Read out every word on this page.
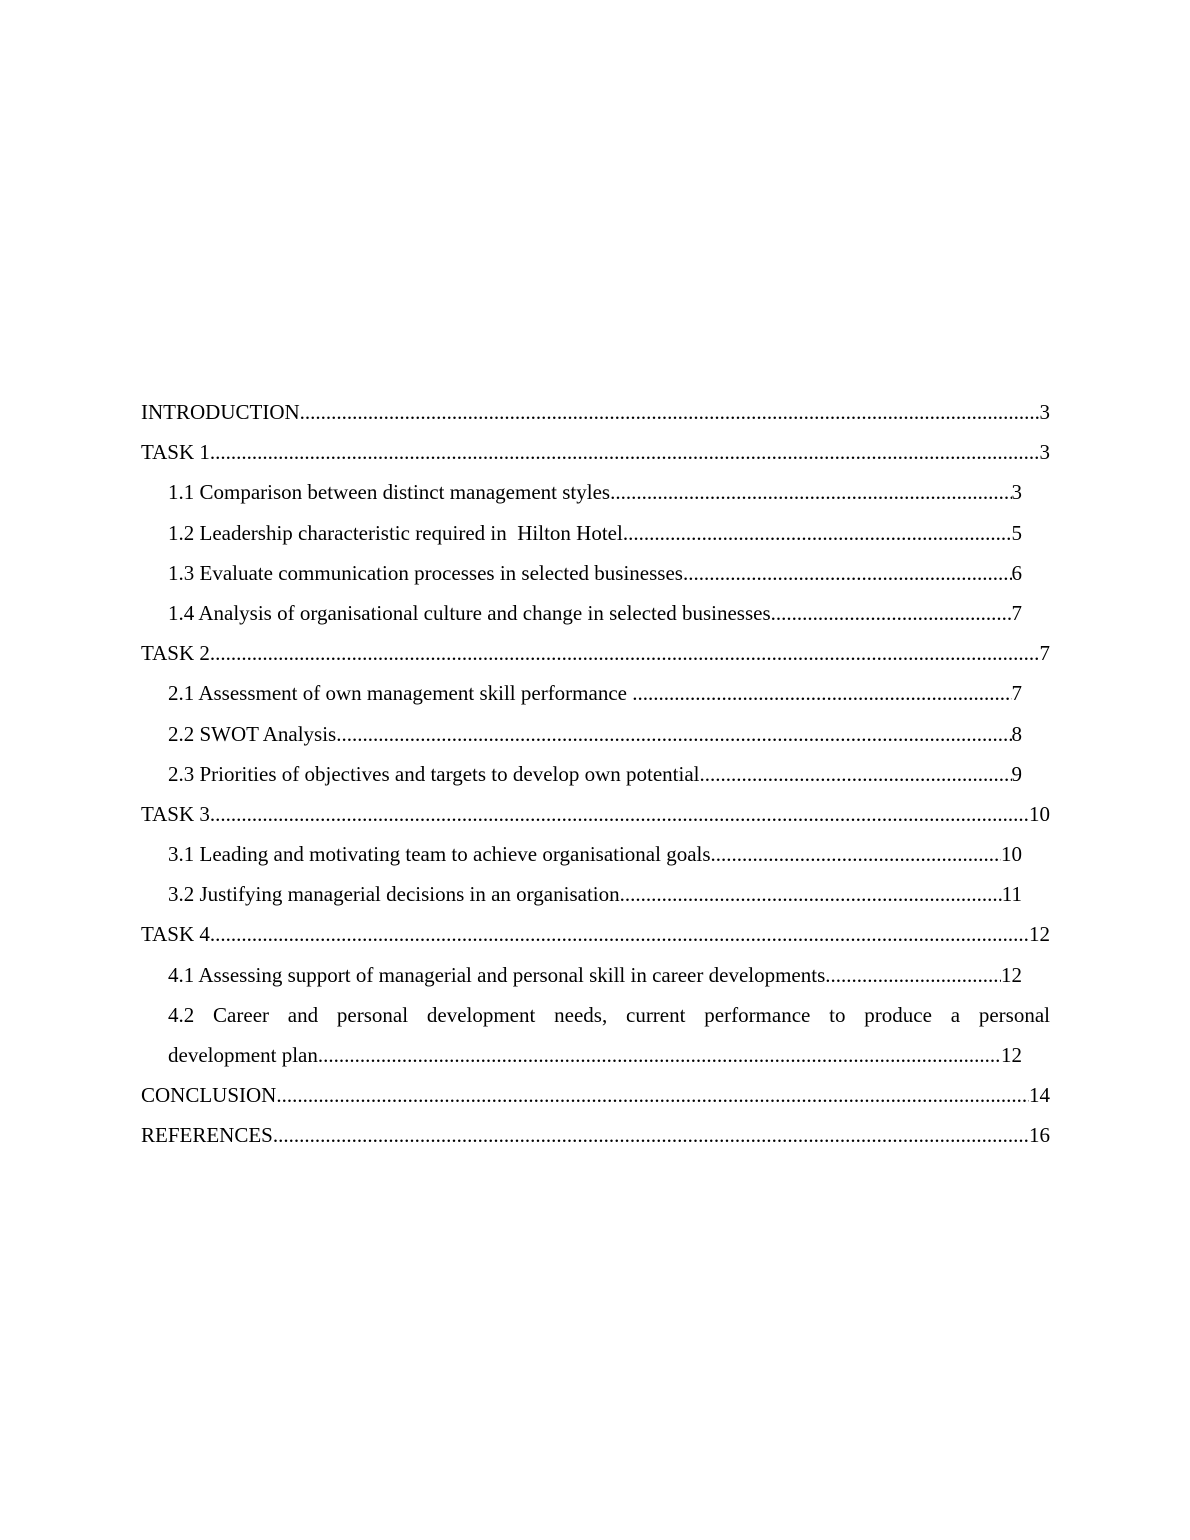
INTRODUCTION .....	3
TASK 1 .....	3
1.1 Comparison between distinct management styles .....	3
1.2 Leadership characteristic required in  Hilton Hotel .....	5
1.3 Evaluate communication processes in selected businesses .....	6
1.4 Analysis of organisational culture and change in selected businesses .....	7
TASK 2 .....	7
2.1 Assessment of own management skill performance .....	7
2.2 SWOT Analysis .....	8
2.3 Priorities of objectives and targets to develop own potential .....	9
TASK 3 .....	10
3.1 Leading and motivating team to achieve organisational goals .....	10
3.2 Justifying managerial decisions in an organisation .....	11
TASK 4 .....	12
4.1 Assessing support of managerial and personal skill in career developments .....	12
4.2 Career and personal development needs, current performance to produce a personal
development plan .....	12
CONCLUSION .....	14
REFERENCES .....	16
